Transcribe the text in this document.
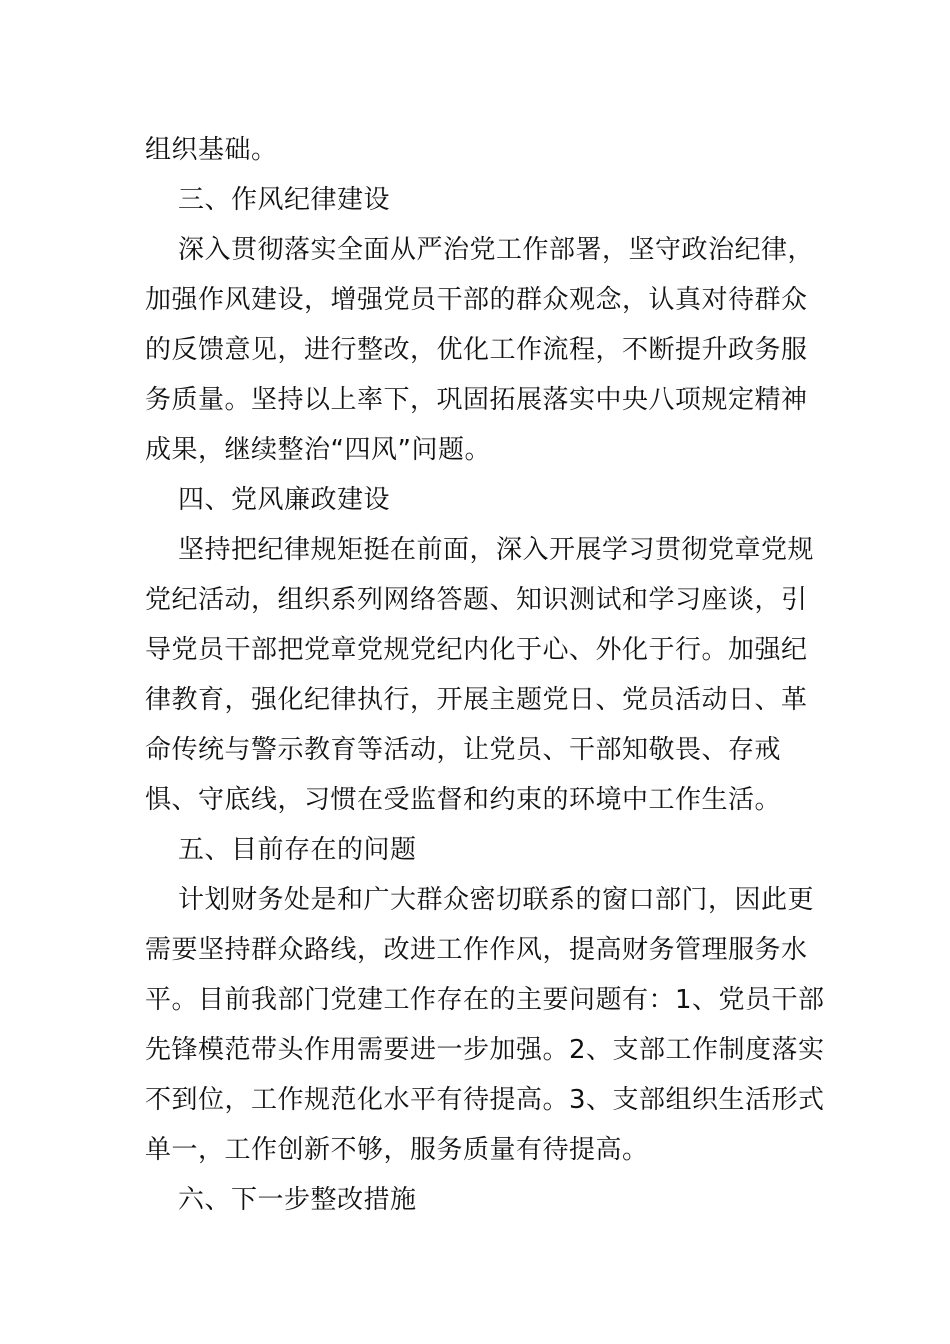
组织基础。
三、作风纪律建设
深入贯彻落实全面从严治党工作部署，坚守政治纪律，
加强作风建设，增强党员干部的群众观念，认真对待群众
的反馈意见，进行整改，优化工作流程，不断提升政务服
务质量。坚持以上率下，巩固拓展落实中央八项规定精神
成果，继续整治“四风”问题。
四、党风廉政建设
坚持把纪律规矩挺在前面，深入开展学习贯彻党章党规
党纪活动，组织系列网络答题、知识测试和学习座谈，引
导党员干部把党章党规党纪内化于心、外化于行。加强纪
律教育，强化纪律执行，开展主题党日、党员活动日、革
命传统与警示教育等活动，让党员、干部知敬畏、存戒
惧、守底线，习惯在受监督和约束的环境中工作生活。
五、目前存在的问题
计划财务处是和广大群众密切联系的窗口部门，因此更
需要坚持群众路线，改进工作作风，提高财务管理服务水
平。目前我部门党建工作存在的主要问题有：1、党员干部
先锋模范带头作用需要进一步加强。2、支部工作制度落实
不到位，工作规范化水平有待提高。3、支部组织生活形式
单一，工作创新不够，服务质量有待提高。
六、下一步整改措施
